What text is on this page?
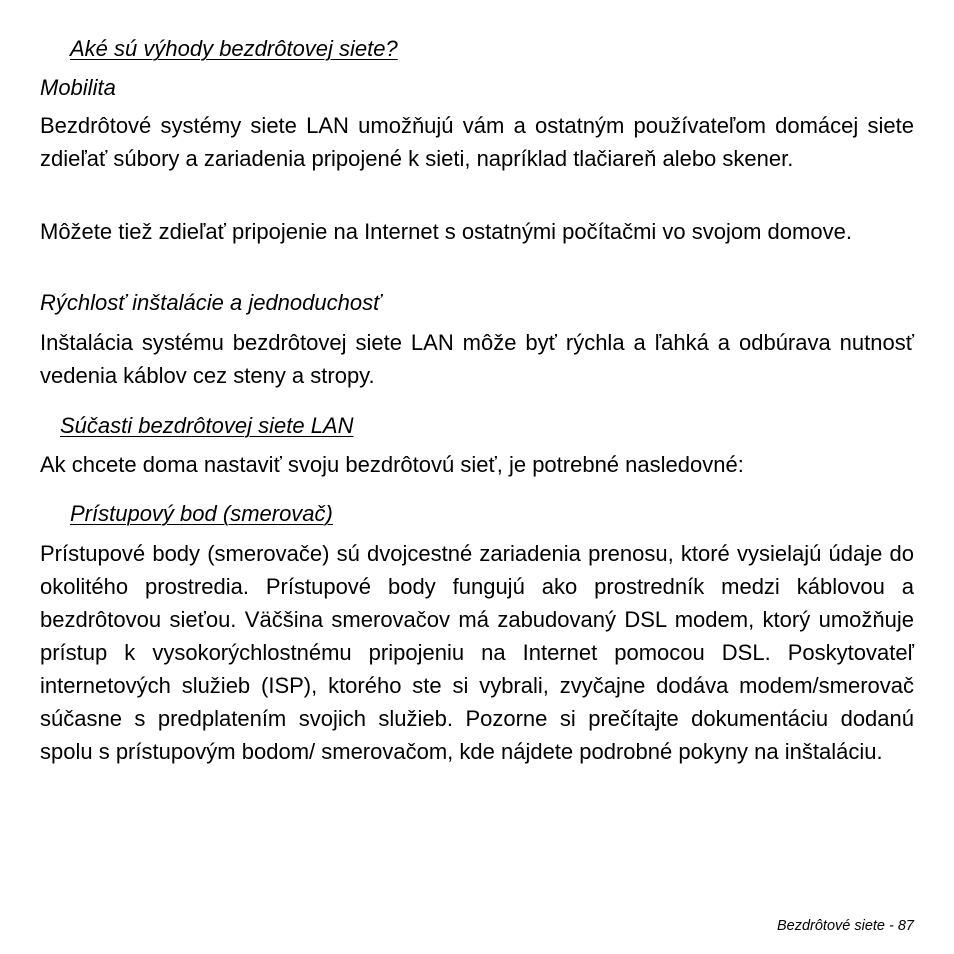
Aké sú výhody bezdrôtovej siete?
Mobilita

Bezdrôtové systémy siete LAN umožňujú vám a ostatným používateľom domácej siete zdieľať súbory a zariadenia pripojené k sieti, napríklad tlačiareň alebo skener.

Môžete tiež zdieľať pripojenie na Internet s ostatnými počítačmi vo svojom domove.

Rýchlosť inštalácie a jednoduchosť

Inštalácia systému bezdrôtovej siete LAN môže byť rýchla a ľahká a odbúrava nutnosť vedenia káblov cez steny a stropy.

Súčasti bezdrôtovej siete LAN

Ak chcete doma nastaviť svoju bezdrôtovú sieť, je potrebné nasledovné:

Prístupový bod (smerovač)

Prístupové body (smerovače) sú dvojcestné zariadenia prenosu, ktoré vysielajú údaje do okolitého prostredia. Prístupové body fungujú ako prostredník medzi káblovou a bezdrôtovou sieťou. Väčšina smerovačov má zabudovaný DSL modem, ktorý umožňuje prístup k vysokorýchlostnému pripojeniu na Internet pomocou DSL. Poskytovateľ internetových služieb (ISP), ktorého ste si vybrali, zvyčajne dodáva modem/smerovač súčasne s predplatením svojich služieb. Pozorne si prečítajte dokumentáciu dodanú spolu s prístupovým bodom/ smerovačom, kde nájdete podrobné pokyny na inštaláciu.

Bezdrôtové siete - 87
